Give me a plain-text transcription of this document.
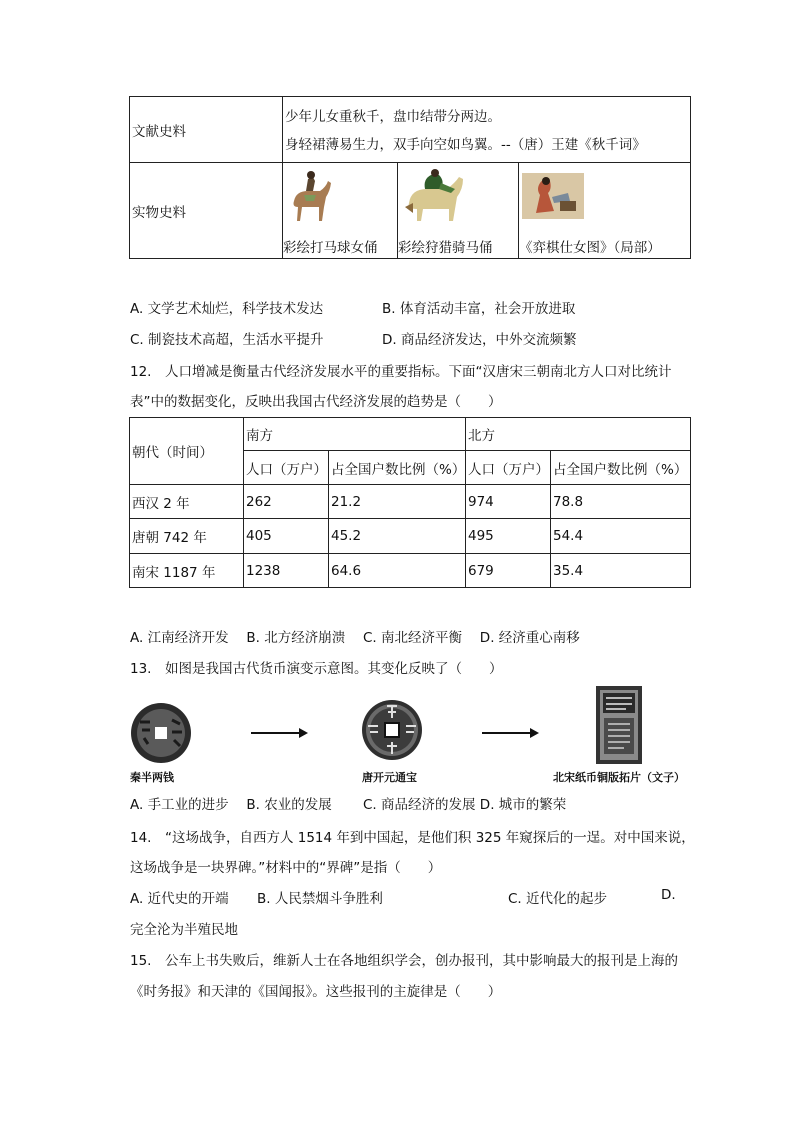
文献史料	少年儿女重秋千，盘巾结带分两边。
身轻裙薄易生力，双手向空如鸟翼。--（唐）王建《秋千词》		

实物史料	彩绘打马球女俑	彩绘狩猎骑马俑	《弈棋仕女图》（局部）
A. 文学艺术灿烂，科学技术发达	B. 体育活动丰富，社会开放进取
C. 制瓷技术高超，生活水平提升	D. 商品经济发达，中外交流频繁
12.　人口增减是衡量古代经济发展水平的重要指标。下面“汉唐宋三朝南北方人口对比统计
表”中的数据变化，反映出我国古代经济发展的趋势是（　　）
朝代（时间）	南方		北方	
	人口（万户）	占全国户数比例（%）	人口（万户）	占全国户数比例（%）
西汉 2 年	262	21.2	974	78.8
唐朝 742 年	405	45.2	495	54.4
南宋 1187 年	1238	64.6	679	35.4
A. 江南经济开发　 B. 北方经济崩溃　 C. 南北经济平衡　 D. 经济重心南移
13.　如图是我国古代货币演变示意图。其变化反映了（　　）
秦半两钱	唐开元通宝	北宋纸币铜版拓片（文子）
A. 手工业的进步　 B. 农业的发展　　 C. 商品经济的发展 D. 城市的繁荣
14.　“这场战争，自西方人 1514 年到中国起，是他们积 325 年窥探后的一逞。对中国来说，
这场战争是一块界碑。”材料中的“界碑”是指（　　）
A. 近代史的开端 B. 人民禁烟斗争胜利	C. 近代化的起步	D.
完全沦为半殖民地
15.　公车上书失败后，维新人士在各地组织学会，创办报刊，其中影响最大的报刊是上海的
《时务报》和天津的《国闻报》。这些报刊的主旋律是（　　）
